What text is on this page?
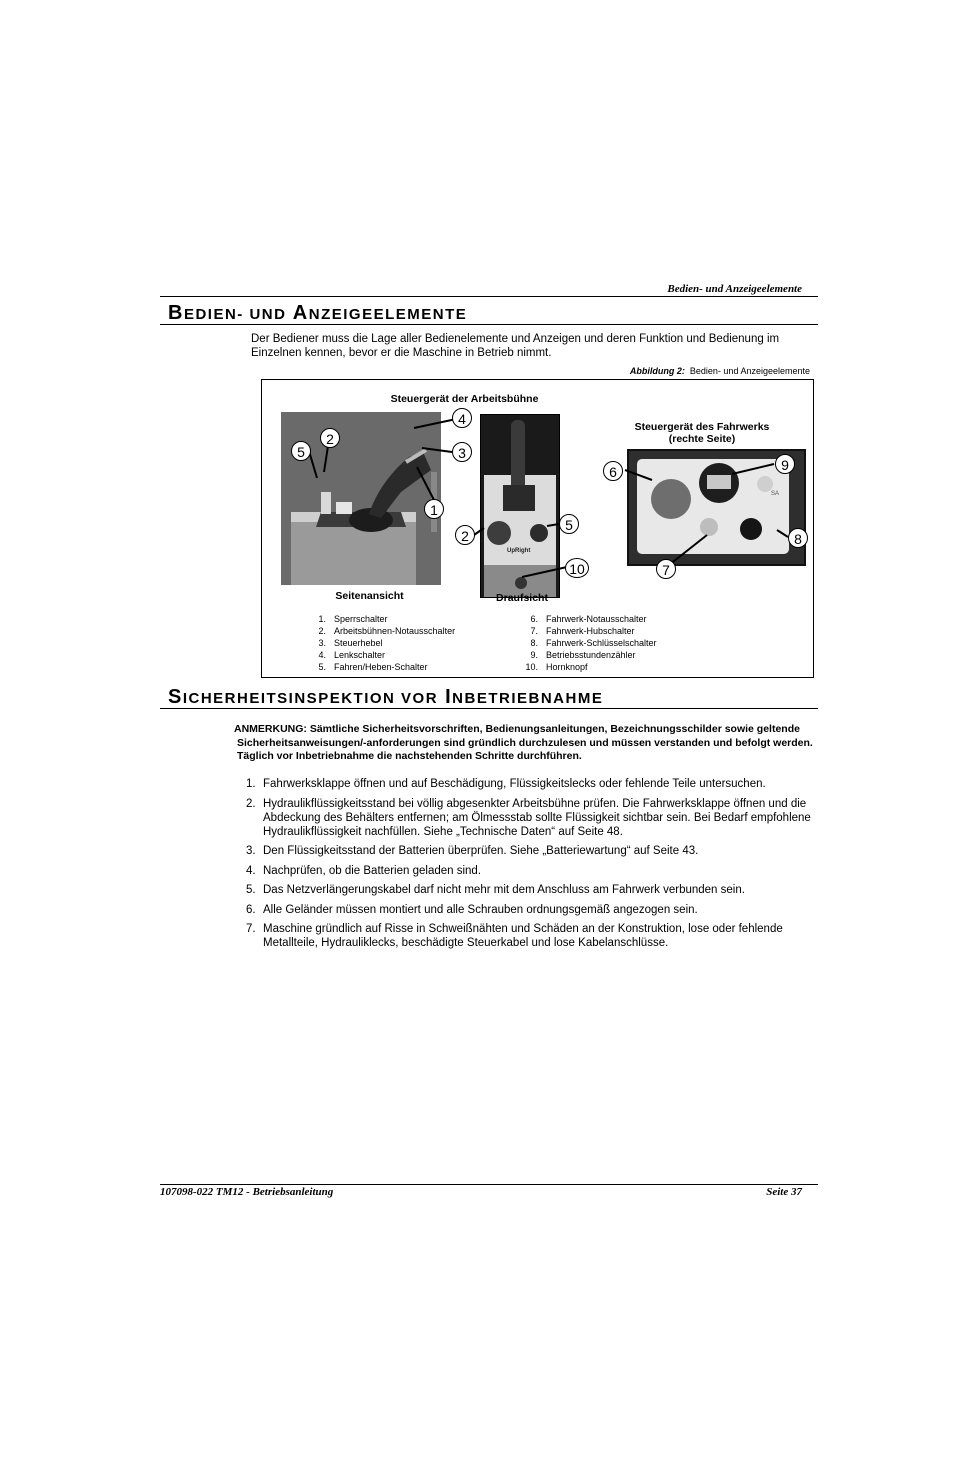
Bedien- und Anzeigeelemente
BEDIEN- UND ANZEIGEELEMENTE
Der Bediener muss die Lage aller Bedienelemente und Anzeigen und deren Funktion und Bedienung im Einzelnen kennen, bevor er die Maschine in Betrieb nimmt.
Abbildung 2: Bedien- und Anzeigeelemente
Steuergerät der Arbeitsbühne
UpRight
Steuergerät des Fahrwerks
(rechte Seite)
SA
1
2
3
4
5
2
5
10
6	9
8
7
Seitenansicht	Draufsicht
1. Sperrschalter
2. Arbeitsbühnen-Notausschalter
3. Steuerhebel
4. Lenkschalter
5. Fahren/Heben-Schalter
6. Fahrwerk-Notausschalter
7. Fahrwerk-Hubschalter
8. Fahrwerk-Schlüsselschalter
9. Betriebsstundenzähler
10. Hornknopf
SICHERHEITSINSPEKTION VOR INBETRIEBNAHME
ANMERKUNG: Sämtliche Sicherheitsvorschriften, Bedienungsanleitungen, Bezeichnungsschilder sowie geltende
Sicherheitsanweisungen/-anforderungen sind gründlich durchzulesen und müssen verstanden und befolgt werden. Täglich vor Inbetriebnahme die nachstehenden Schritte durchführen.
1. Fahrwerksklappe öffnen und auf Beschädigung, Flüssigkeitslecks oder fehlende Teile untersuchen.
2. Hydraulikflüssigkeitsstand bei völlig abgesenkter Arbeitsbühne prüfen. Die Fahrwerksklappe öffnen und die Abdeckung des Behälters entfernen; am Ölmessstab sollte Flüssigkeit sichtbar sein. Bei Bedarf empfohlene Hydraulikflüssigkeit nachfüllen. Siehe „Technische Daten“ auf Seite 48.
3. Den Flüssigkeitsstand der Batterien überprüfen. Siehe „Batteriewartung“ auf Seite 43.
4. Nachprüfen, ob die Batterien geladen sind.
5. Das Netzverlängerungskabel darf nicht mehr mit dem Anschluss am Fahrwerk verbunden sein.
6. Alle Geländer müssen montiert und alle Schrauben ordnungsgemäß angezogen sein.
7. Maschine gründlich auf Risse in Schweißnähten und Schäden an der Konstruktion, lose oder fehlende Metallteile, Hydrauliklecks, beschädigte Steuerkabel und lose Kabelanschlüsse.
107098-022 TM12 - Betriebsanleitung	Seite 37
